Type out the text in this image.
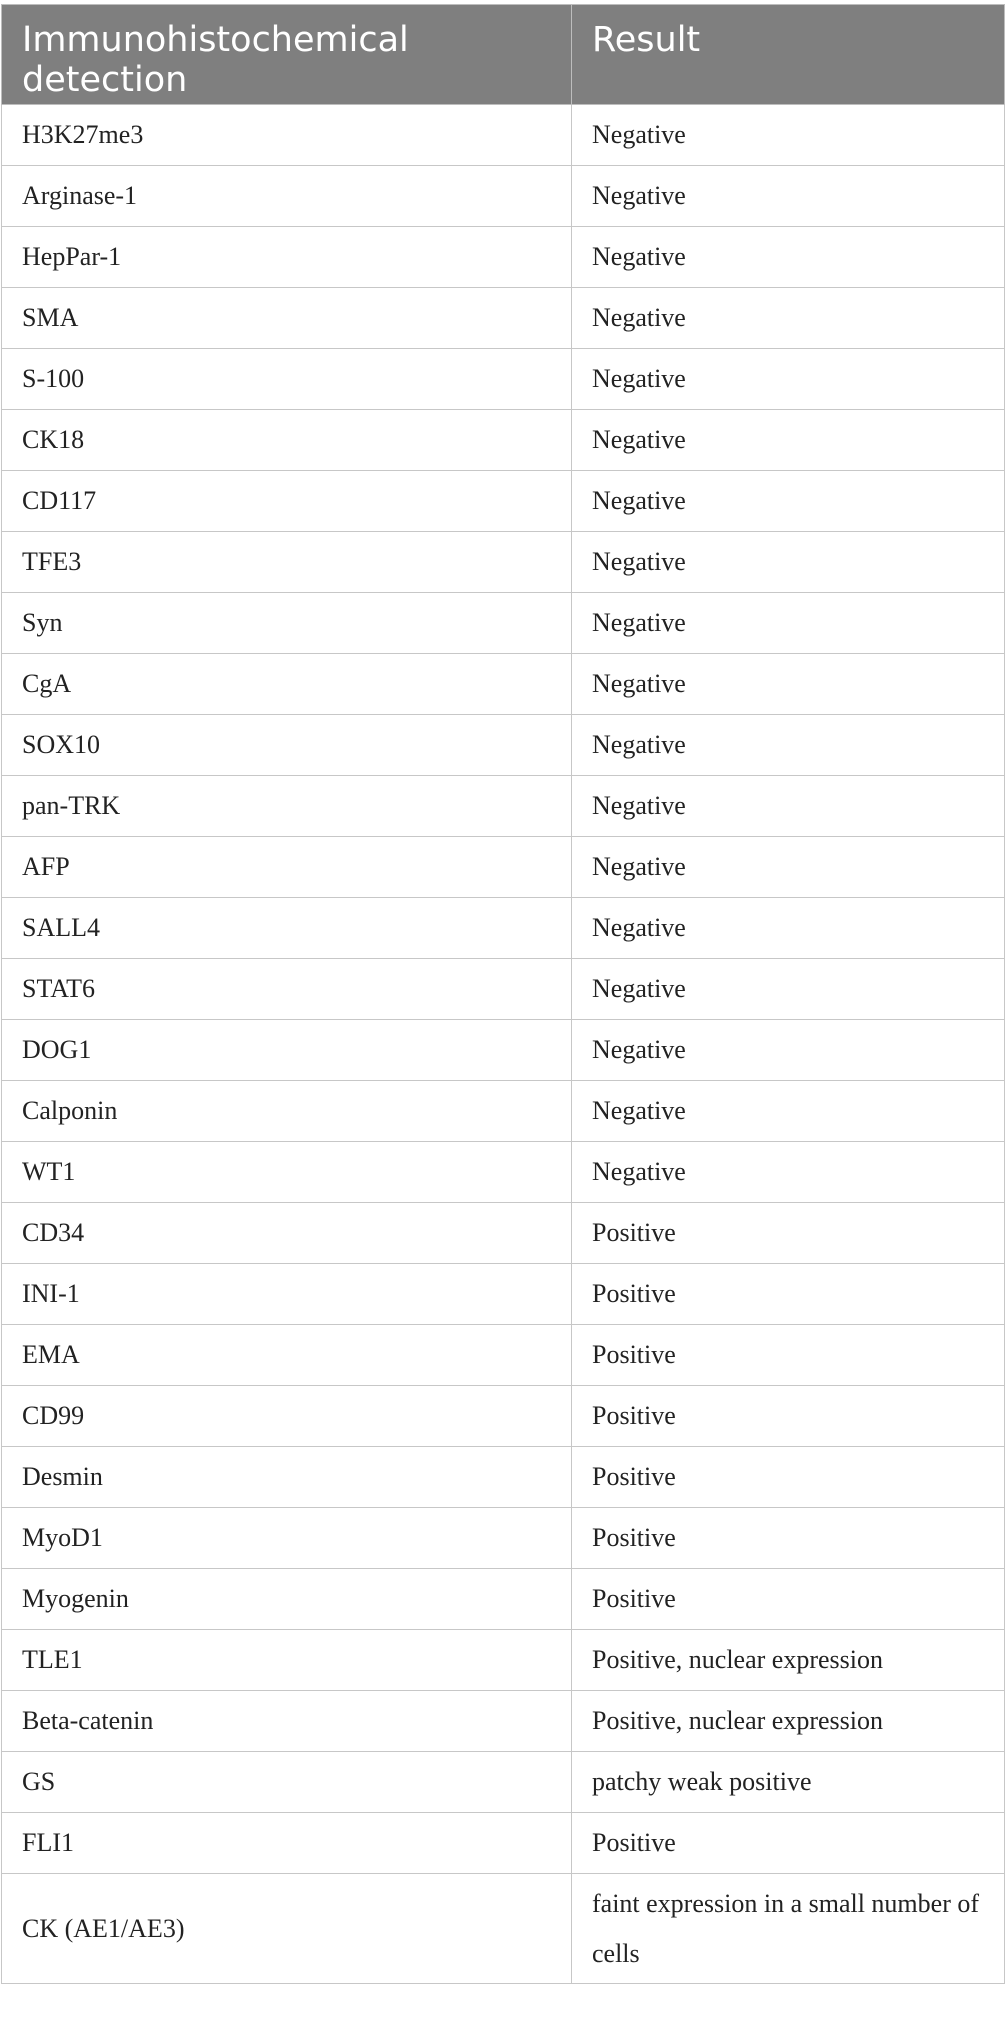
Immunohistochemical detection	Result
H3K27me3	Negative
Arginase-1	Negative
HepPar-1	Negative
SMA	Negative
S-100	Negative
CK18	Negative
CD117	Negative
TFE3	Negative
Syn	Negative
CgA	Negative
SOX10	Negative
pan-TRK	Negative
AFP	Negative
SALL4	Negative
STAT6	Negative
DOG1	Negative
Calponin	Negative
WT1	Negative
CD34	Positive
INI-1	Positive
EMA	Positive
CD99	Positive
Desmin	Positive
MyoD1	Positive
Myogenin	Positive
TLE1	Positive, nuclear expression
Beta-catenin	Positive, nuclear expression
GS	patchy weak positive
FLI1	Positive
CK (AE1/AE3)	faint expression in a small number of cells
